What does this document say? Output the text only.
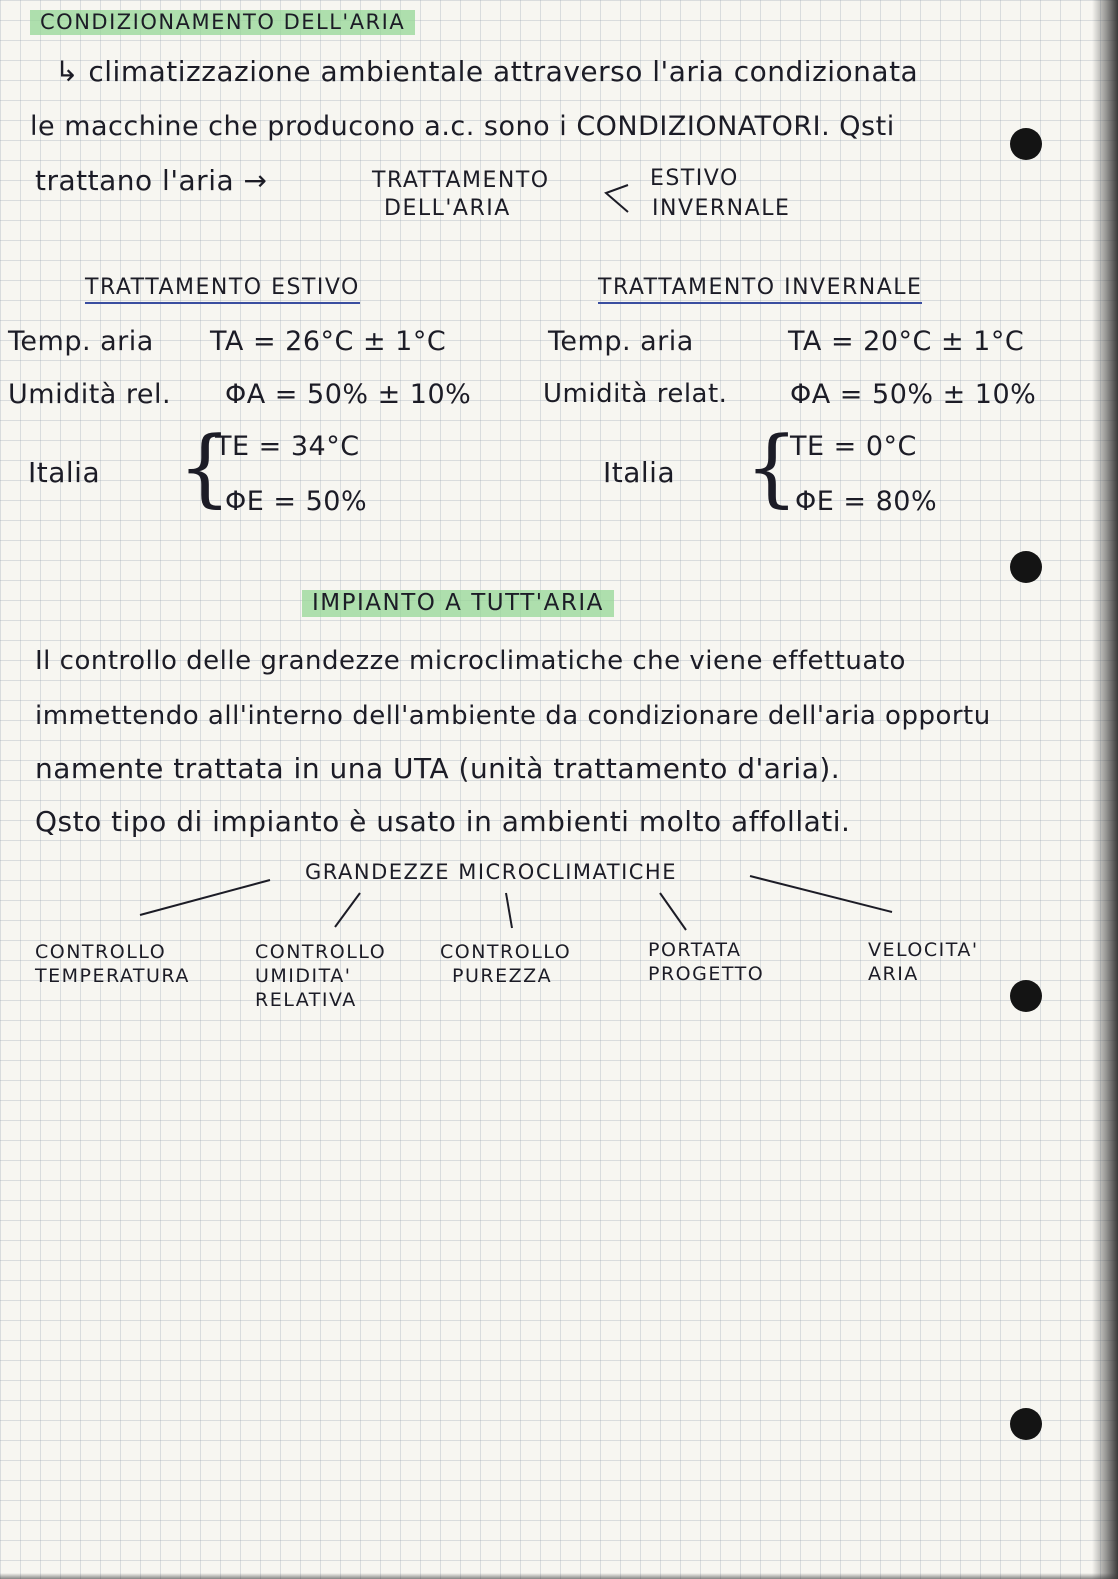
CONDIZIONAMENTO DELL'ARIA
↳ climatizzazione ambientale attraverso l'aria condizionata
le macchine che producono a.c. sono i CONDIZIONATORI. Qsti
trattano l'aria →	TRATTAMENTO
DELL'ARIA
ESTIVO
INVERNALE
TRATTAMENTO ESTIVO
Temp. aria TA = 26°C ± 1°C
Umidità rel. ΦA = 50% ± 10%
Italia {
TE = 34°C
ΦE = 50%
TRATTAMENTO INVERNALE
Temp. aria	TA = 20°C ± 1°C
Umidità relat. ΦA = 50% ± 10%
Italia {
TE = 0°C
ΦE = 80%
IMPIANTO A TUTT'ARIA
Il controllo delle grandezze microclimatiche che viene effettuato
immettendo all'interno dell'ambiente da condizionare dell'aria opportu
namente trattata in una UTA (unità trattamento d'aria).
Qsto tipo di impianto è usato in ambienti molto affollati.
GRANDEZZE MICROCLIMATICHE
CONTROLLO
TEMPERATURA
CONTROLLO
UMIDITA'
RELATIVA
CONTROLLO
PUREZZA
PORTATA
PROGETTO
VELOCITA'
ARIA
